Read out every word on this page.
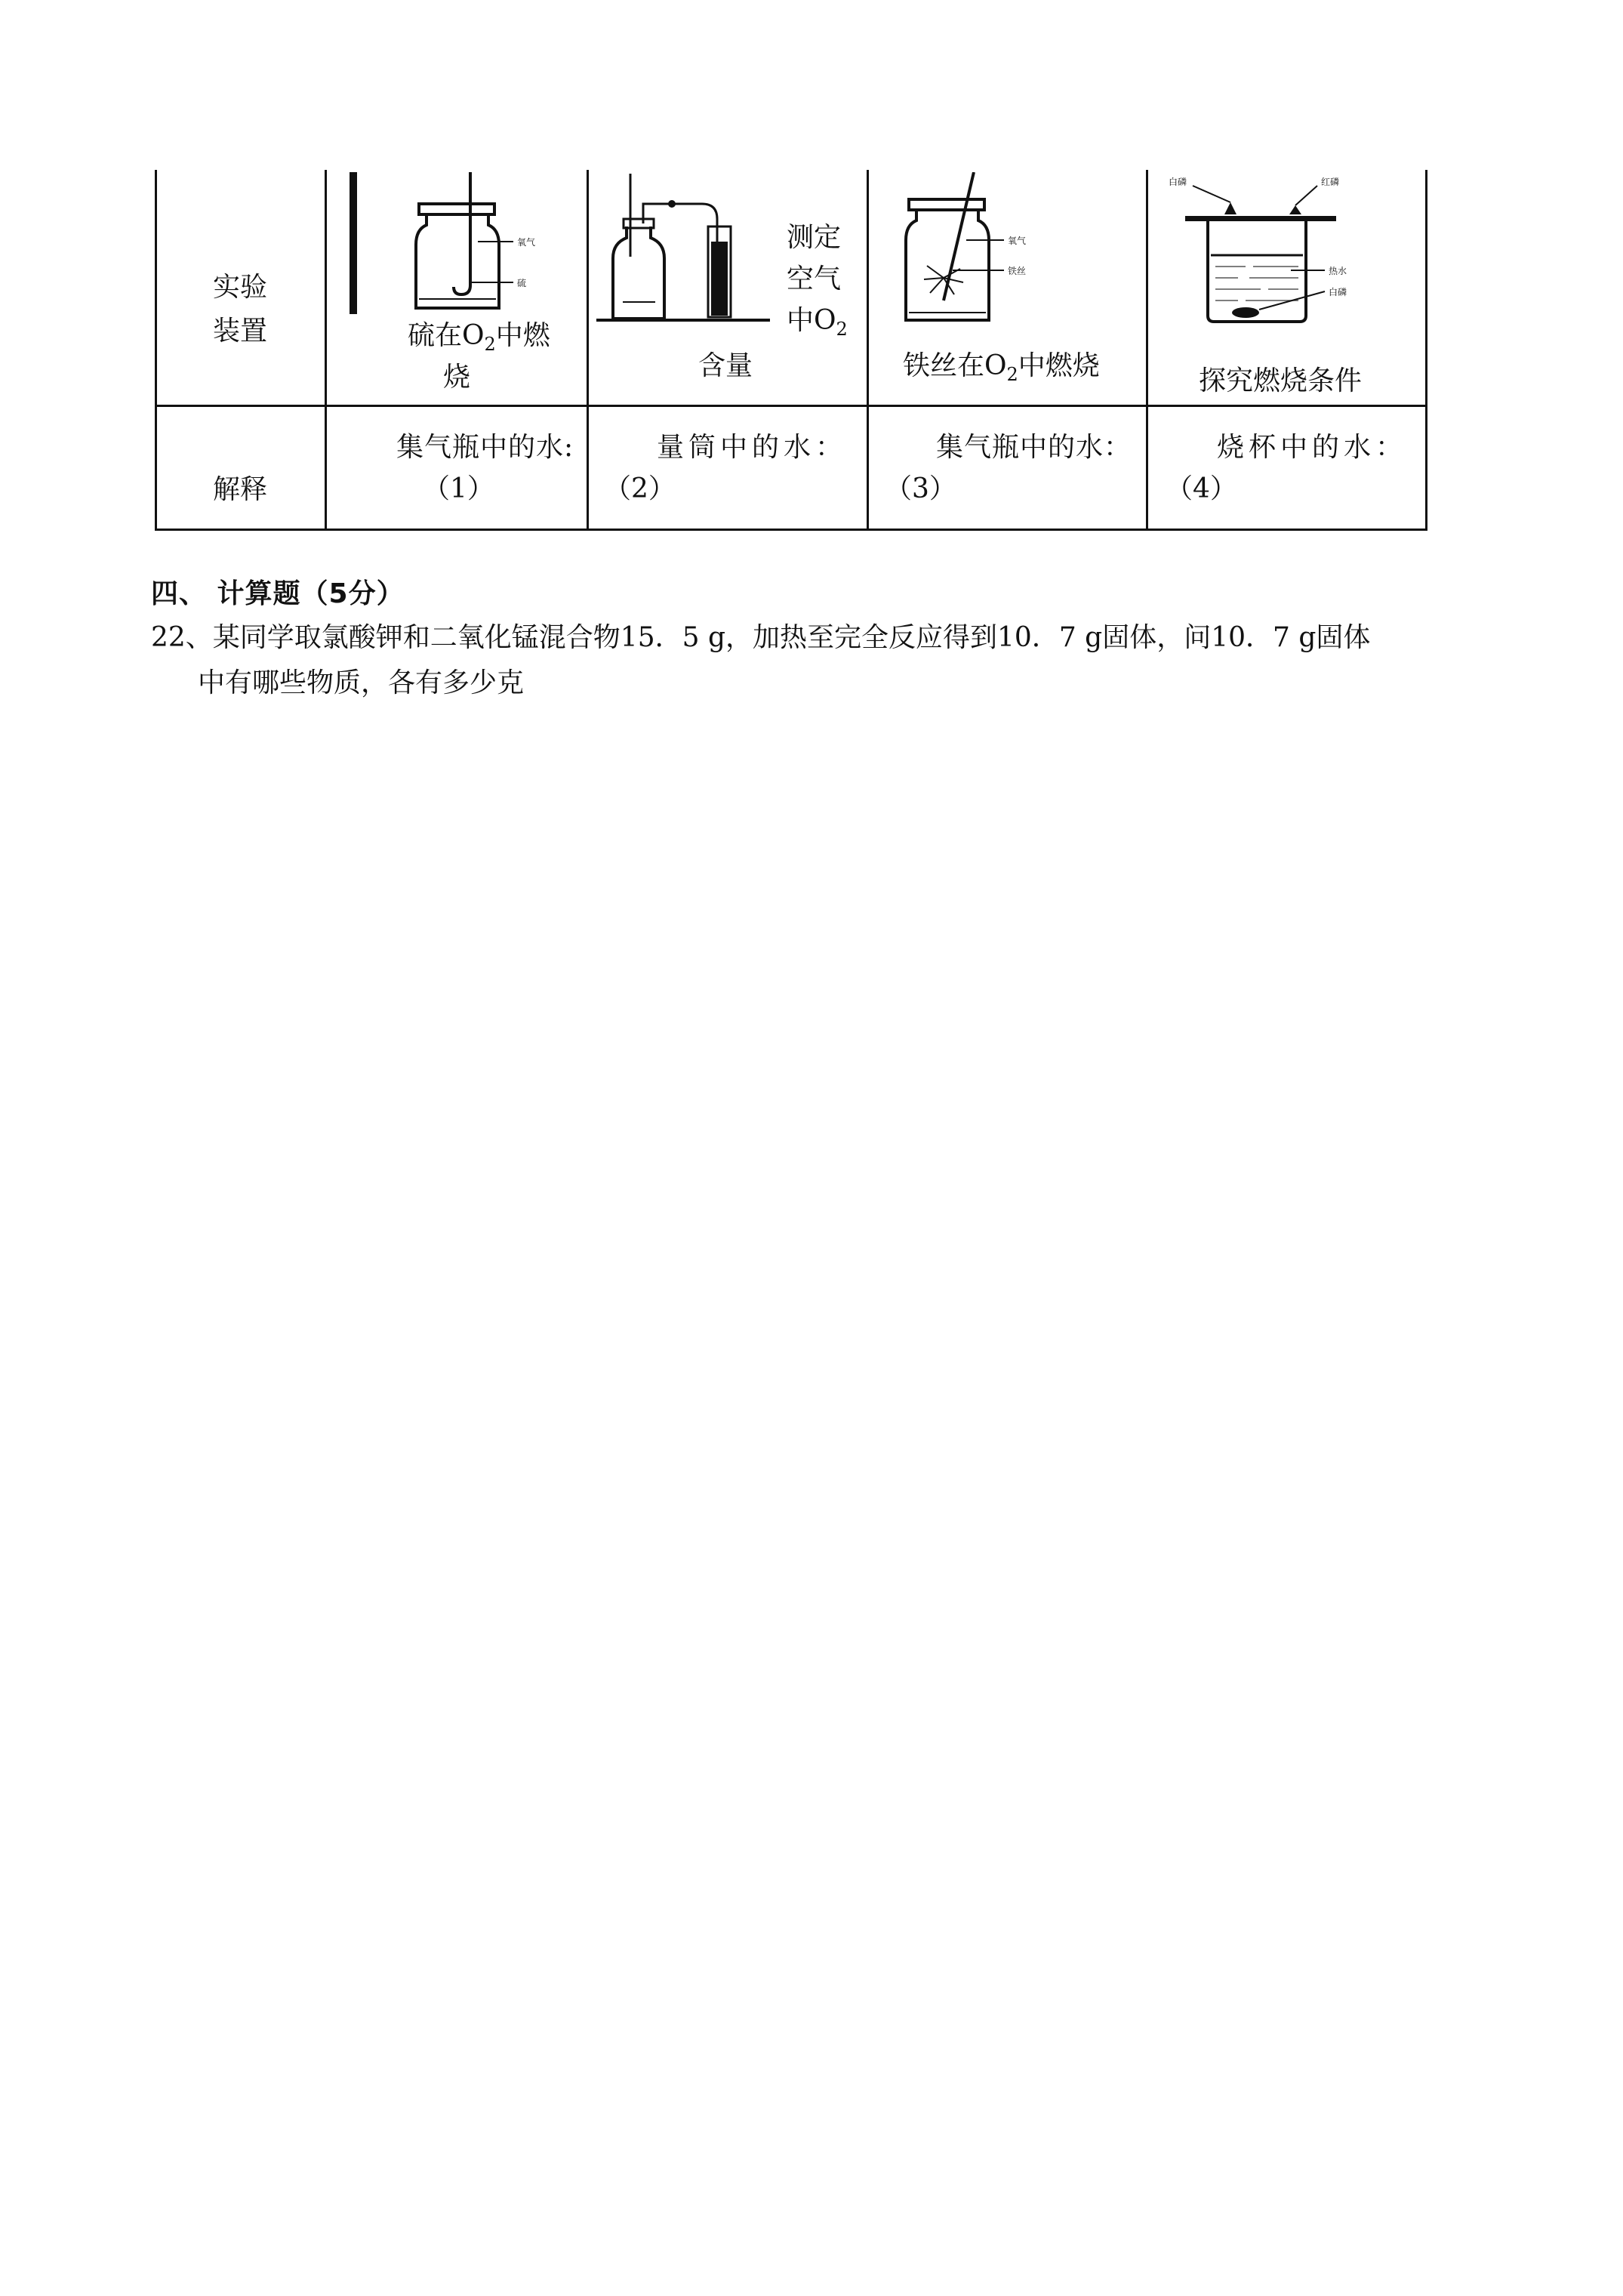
实验
装置
解释
氧气
硫
硫在$O_2$中燃
烧
测定
空气
中$O_2$
含量
氧气
铁丝
铁丝在$O_2$中燃烧
白磷	红磷
热水
白磷
探究燃烧条件
集气瓶中的水:
（1）
量筒中的水：
（2）
集气瓶中的水：
（3）
烧杯中的水：
（4）
四、 计算题（5分）
22、某同学取氯酸钾和二氧化锰混合物15．5 g，加热至完全反应得到10．7 g固体，问10．7 g固体
中有哪些物质，各有多少克
